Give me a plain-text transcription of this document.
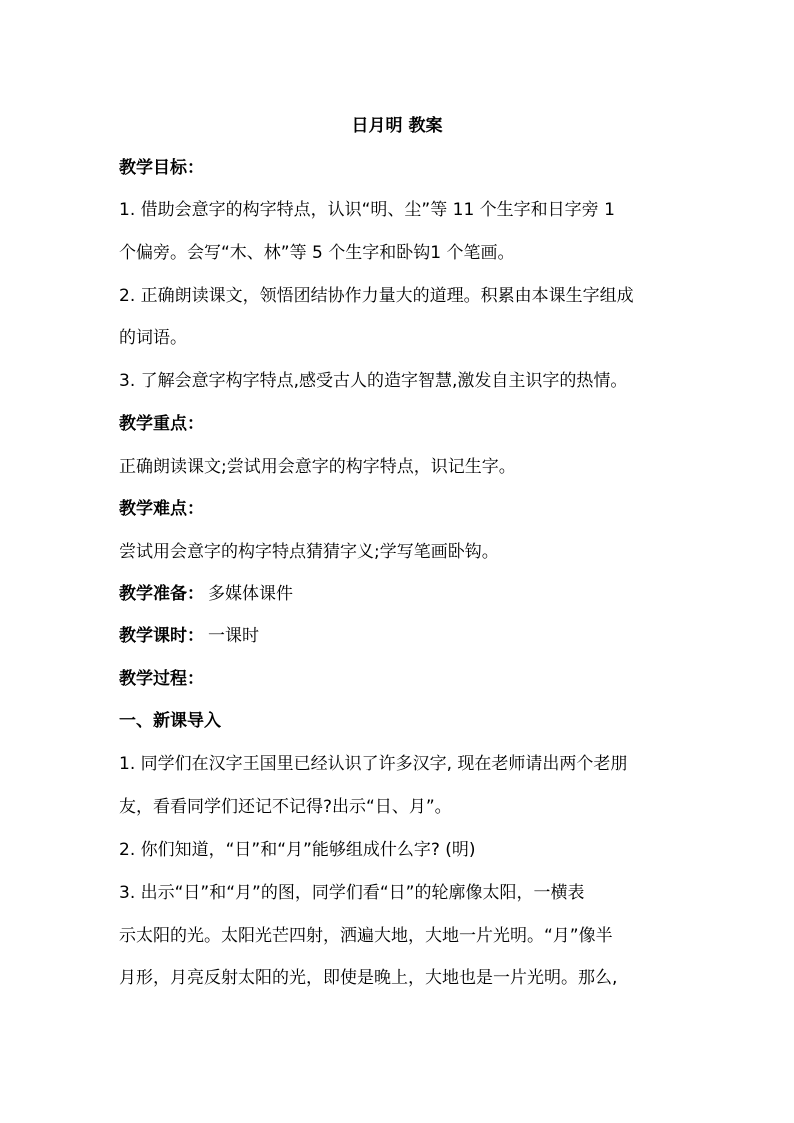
日月明 教案
教学目标：
1. 借助会意字的构字特点，认识“明、尘”等 11 个生字和日字旁 1
个偏旁。会写“木、林”等 5 个生字和卧钩1 个笔画。
2. 正确朗读课文，领悟团结协作力量大的道理。积累由本课生字组成
的词语。
3. 了解会意字构字特点,感受古人的造字智慧,激发自主识字的热情。
教学重点：
正确朗读课文;尝试用会意字的构字特点，识记生字。
教学难点：
尝试用会意字的构字特点猜猜字义;学写笔画卧钩。
教学准备： 多媒体课件
教学课时： 一课时
教学过程：
一、新课导入
1. 同学们在汉字王国里已经认识了许多汉字, 现在老师请出两个老朋
友，看看同学们还记不记得?出示“日、月”。
2. 你们知道，“日”和“月”能够组成什么字? (明)
3. 出示“日”和“月”的图，同学们看“日”的轮廓像太阳，一横表
示太阳的光。太阳光芒四射，洒遍大地，大地一片光明。“月”像半
月形，月亮反射太阳的光，即使是晚上，大地也是一片光明。那么,
